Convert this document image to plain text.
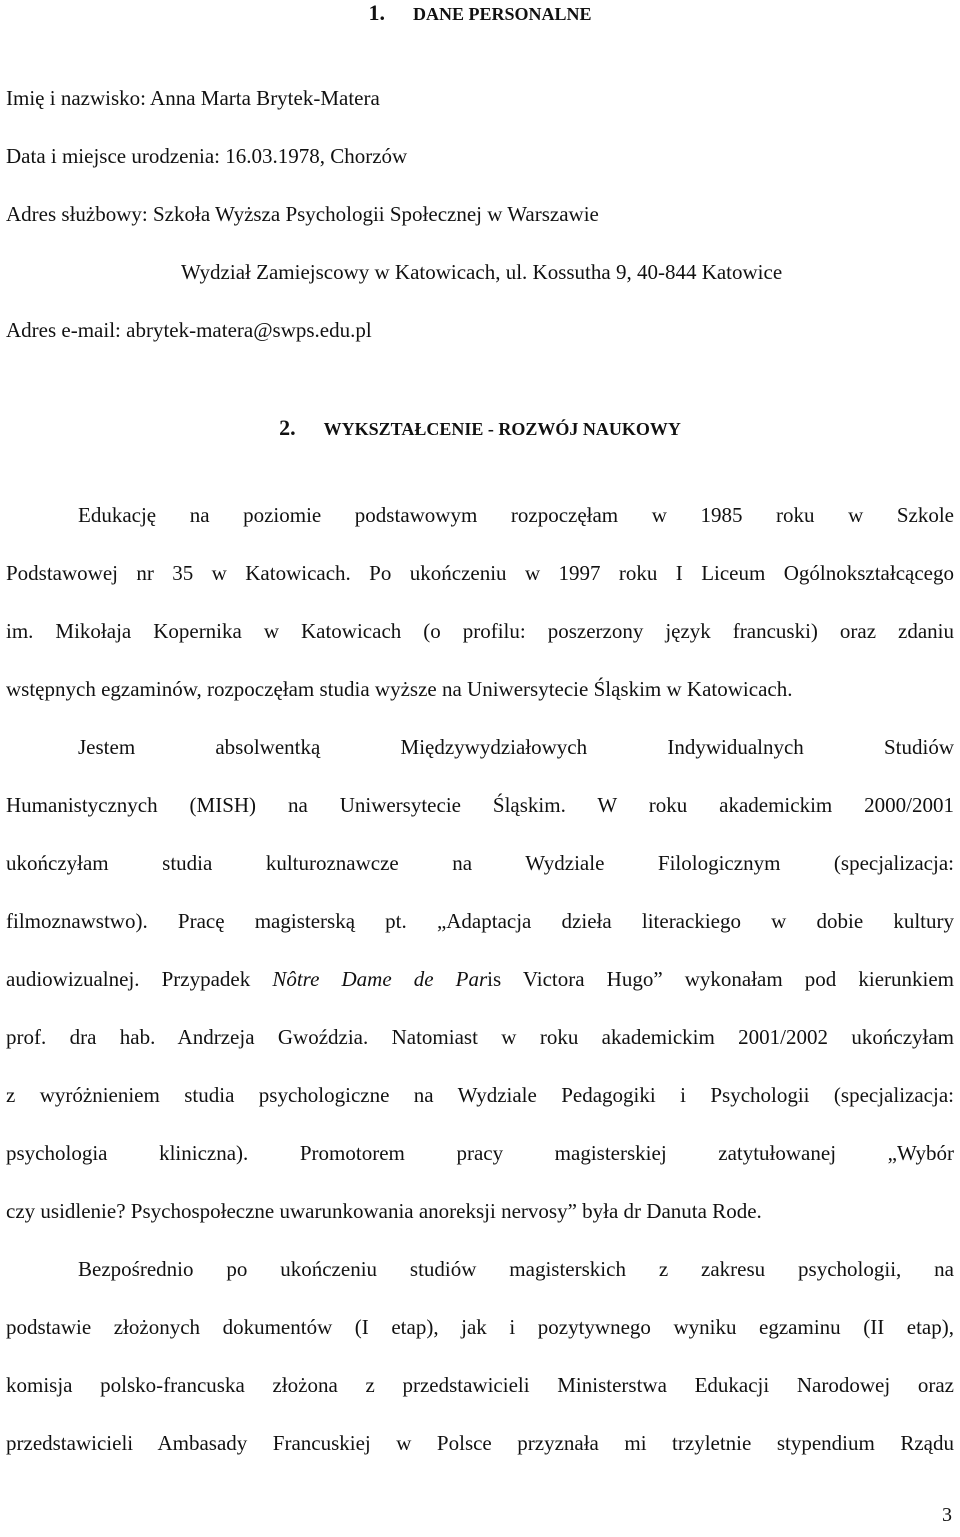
1. DANE PERSONALNE
Imię i nazwisko: Anna Marta Brytek-Matera
Data i miejsce urodzenia: 16.03.1978, Chorzów
Adres służbowy: Szkoła Wyższa Psychologii Społecznej w Warszawie
Wydział Zamiejscowy w Katowicach, ul. Kossutha 9, 40-844 Katowice
Adres e-mail: abrytek-matera@swps.edu.pl
2. WYKSZTAŁCENIE - ROZWÓJ NAUKOWY
Edukację na poziomie podstawowym rozpoczęłam w 1985 roku w Szkole
Podstawowej nr 35 w Katowicach. Po ukończeniu w 1997 roku I Liceum Ogólnokształcącego
im. Mikołaja Kopernika w Katowicach (o profilu: poszerzony język francuski) oraz zdaniu
wstępnych egzaminów, rozpoczęłam studia wyższe na Uniwersytecie Śląskim w Katowicach.
Jestem absolwentką Międzywydziałowych Indywidualnych Studiów
Humanistycznych (MISH) na Uniwersytecie Śląskim. W roku akademickim 2000/2001
ukończyłam studia kulturoznawcze na Wydziale Filologicznym (specjalizacja:
filmoznawstwo). Pracę magisterską pt. „Adaptacja dzieła literackiego w dobie kultury
audiowizualnej. Przypadek Nôtre Dame de Paris Victora Hugo” wykonałam pod kierunkiem
prof. dra hab. Andrzeja Gwoździa. Natomiast w roku akademickim 2001/2002 ukończyłam
z wyróżnieniem studia psychologiczne na Wydziale Pedagogiki i Psychologii (specjalizacja:
psychologia kliniczna). Promotorem pracy magisterskiej zatytułowanej „Wybór
czy usidlenie? Psychospołeczne uwarunkowania anoreksji nervosy” była dr Danuta Rode.
Bezpośrednio po ukończeniu studiów magisterskich z zakresu psychologii, na
podstawie złożonych dokumentów (I etap), jak i pozytywnego wyniku egzaminu (II etap),
komisja polsko-francuska złożona z przedstawicieli Ministerstwa Edukacji Narodowej oraz
przedstawicieli Ambasady Francuskiej w Polsce przyznała mi trzyletnie stypendium Rządu
3
